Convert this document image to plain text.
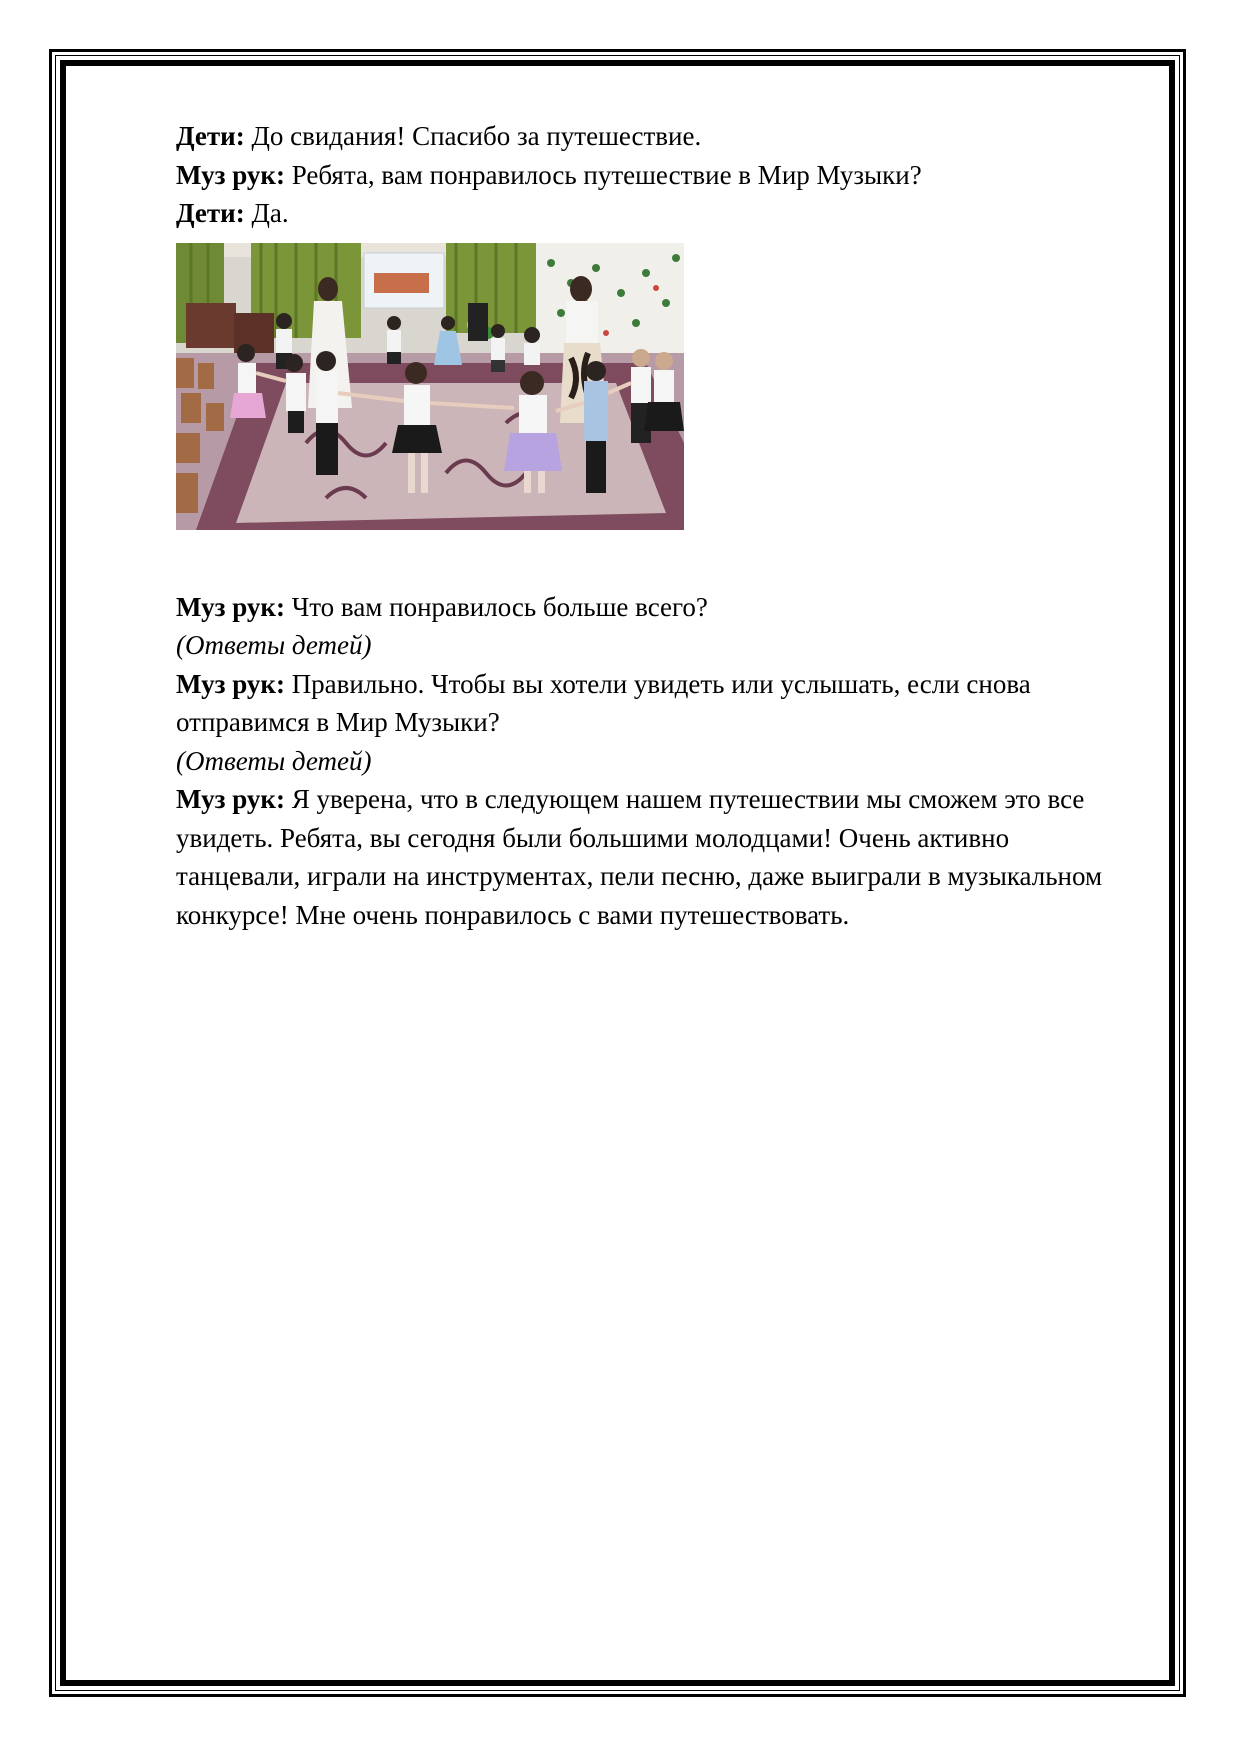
Дети: До свидания! Спасибо за путешествие.

Муз рук: Ребята, вам понравилось путешествие в Мир Музыки?

Дети: Да.

Муз рук: Что вам понравилось больше всего?

(Ответы детей)

Муз рук: Правильно. Чтобы вы хотели увидеть или услышать, если снова отправимся в Мир Музыки?

(Ответы детей)

Муз рук: Я уверена, что в следующем нашем путешествии мы сможем это все увидеть. Ребята, вы сегодня были большими молодцами! Очень активно танцевали, играли на инструментах, пели песню, даже выиграли в музыкальном конкурсе! Мне очень понравилось с вами путешествовать.
